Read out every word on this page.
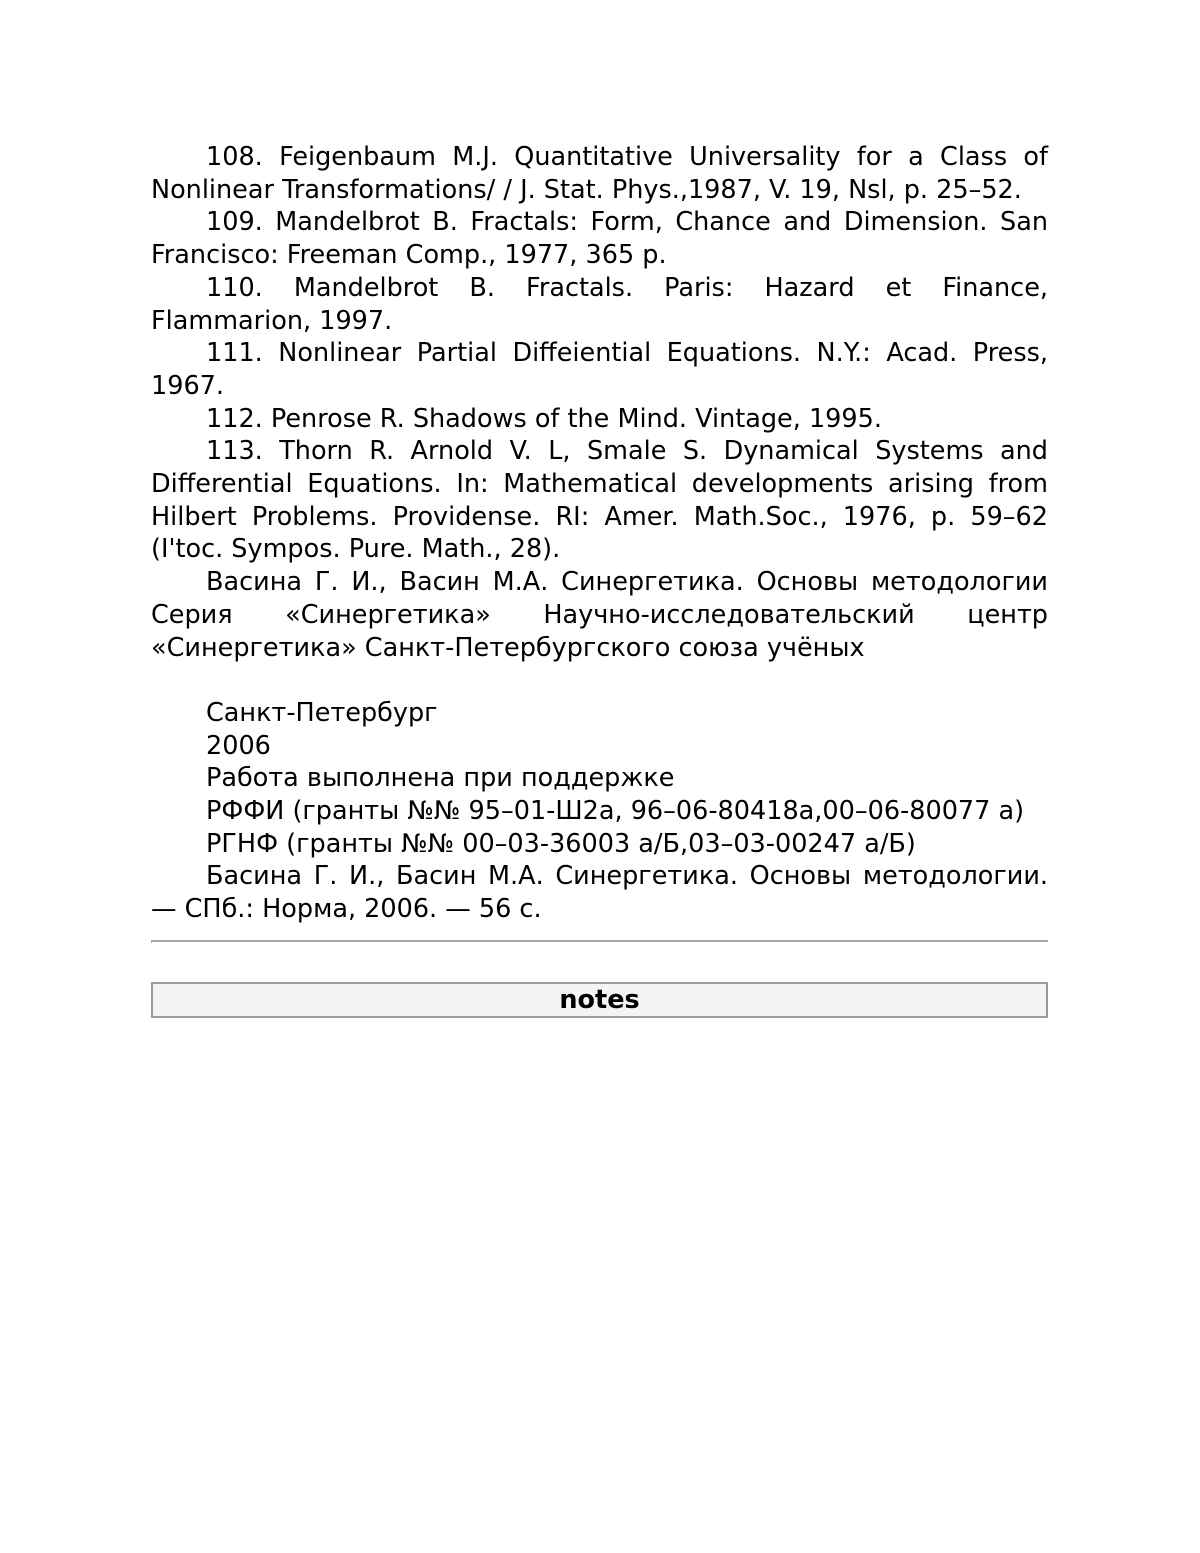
108. Feigenbaum M.J. Quantitative Universality for a Class of Nonlinear Transformations/ / J. Stat. Phys.,1987, V. 19, Nsl, p. 25–52.

109. Mandelbrot B. Fractals: Form, Chance and Dimension. San Francisco: Freeman Comp., 1977, 365 p.

110. Mandelbrot B. Fractals. Paris: Hazard et Finance, Flammarion, 1997.

111. Nonlinear Partial Diffeiential Equations. N.Y.: Acad. Press, 1967.

112. Penrose R. Shadows of the Mind. Vintage, 1995.

113. Thorn R. Arnold V. L, Smale S. Dynamical Systems and Differential Equations. In: Mathematical developments arising from Hilbert Problems. Providense. RI: Amer. Math.Soc., 1976, p. 59–62 (I'toc. Sympos. Pure. Math., 28).

Васина Г. И., Васин М.А. Синергетика. Основы методологии Серия «Синергетика» Научно-исследовательский центр «Синергетика» Санкт-Петербургского союза учёных

Санкт-Петербург

2006

Работа выполнена при поддержке

РФФИ (гранты №№ 95–01-Ш2а, 96–06-80418а,00–06-80077 а)

РГНФ (гранты №№ 00–03-36003 а/Б,03–03-00247 а/Б)

Басина Г. И., Басин М.А. Синергетика. Основы методологии. — СПб.: Норма, 2006. — 56 с.

notes
